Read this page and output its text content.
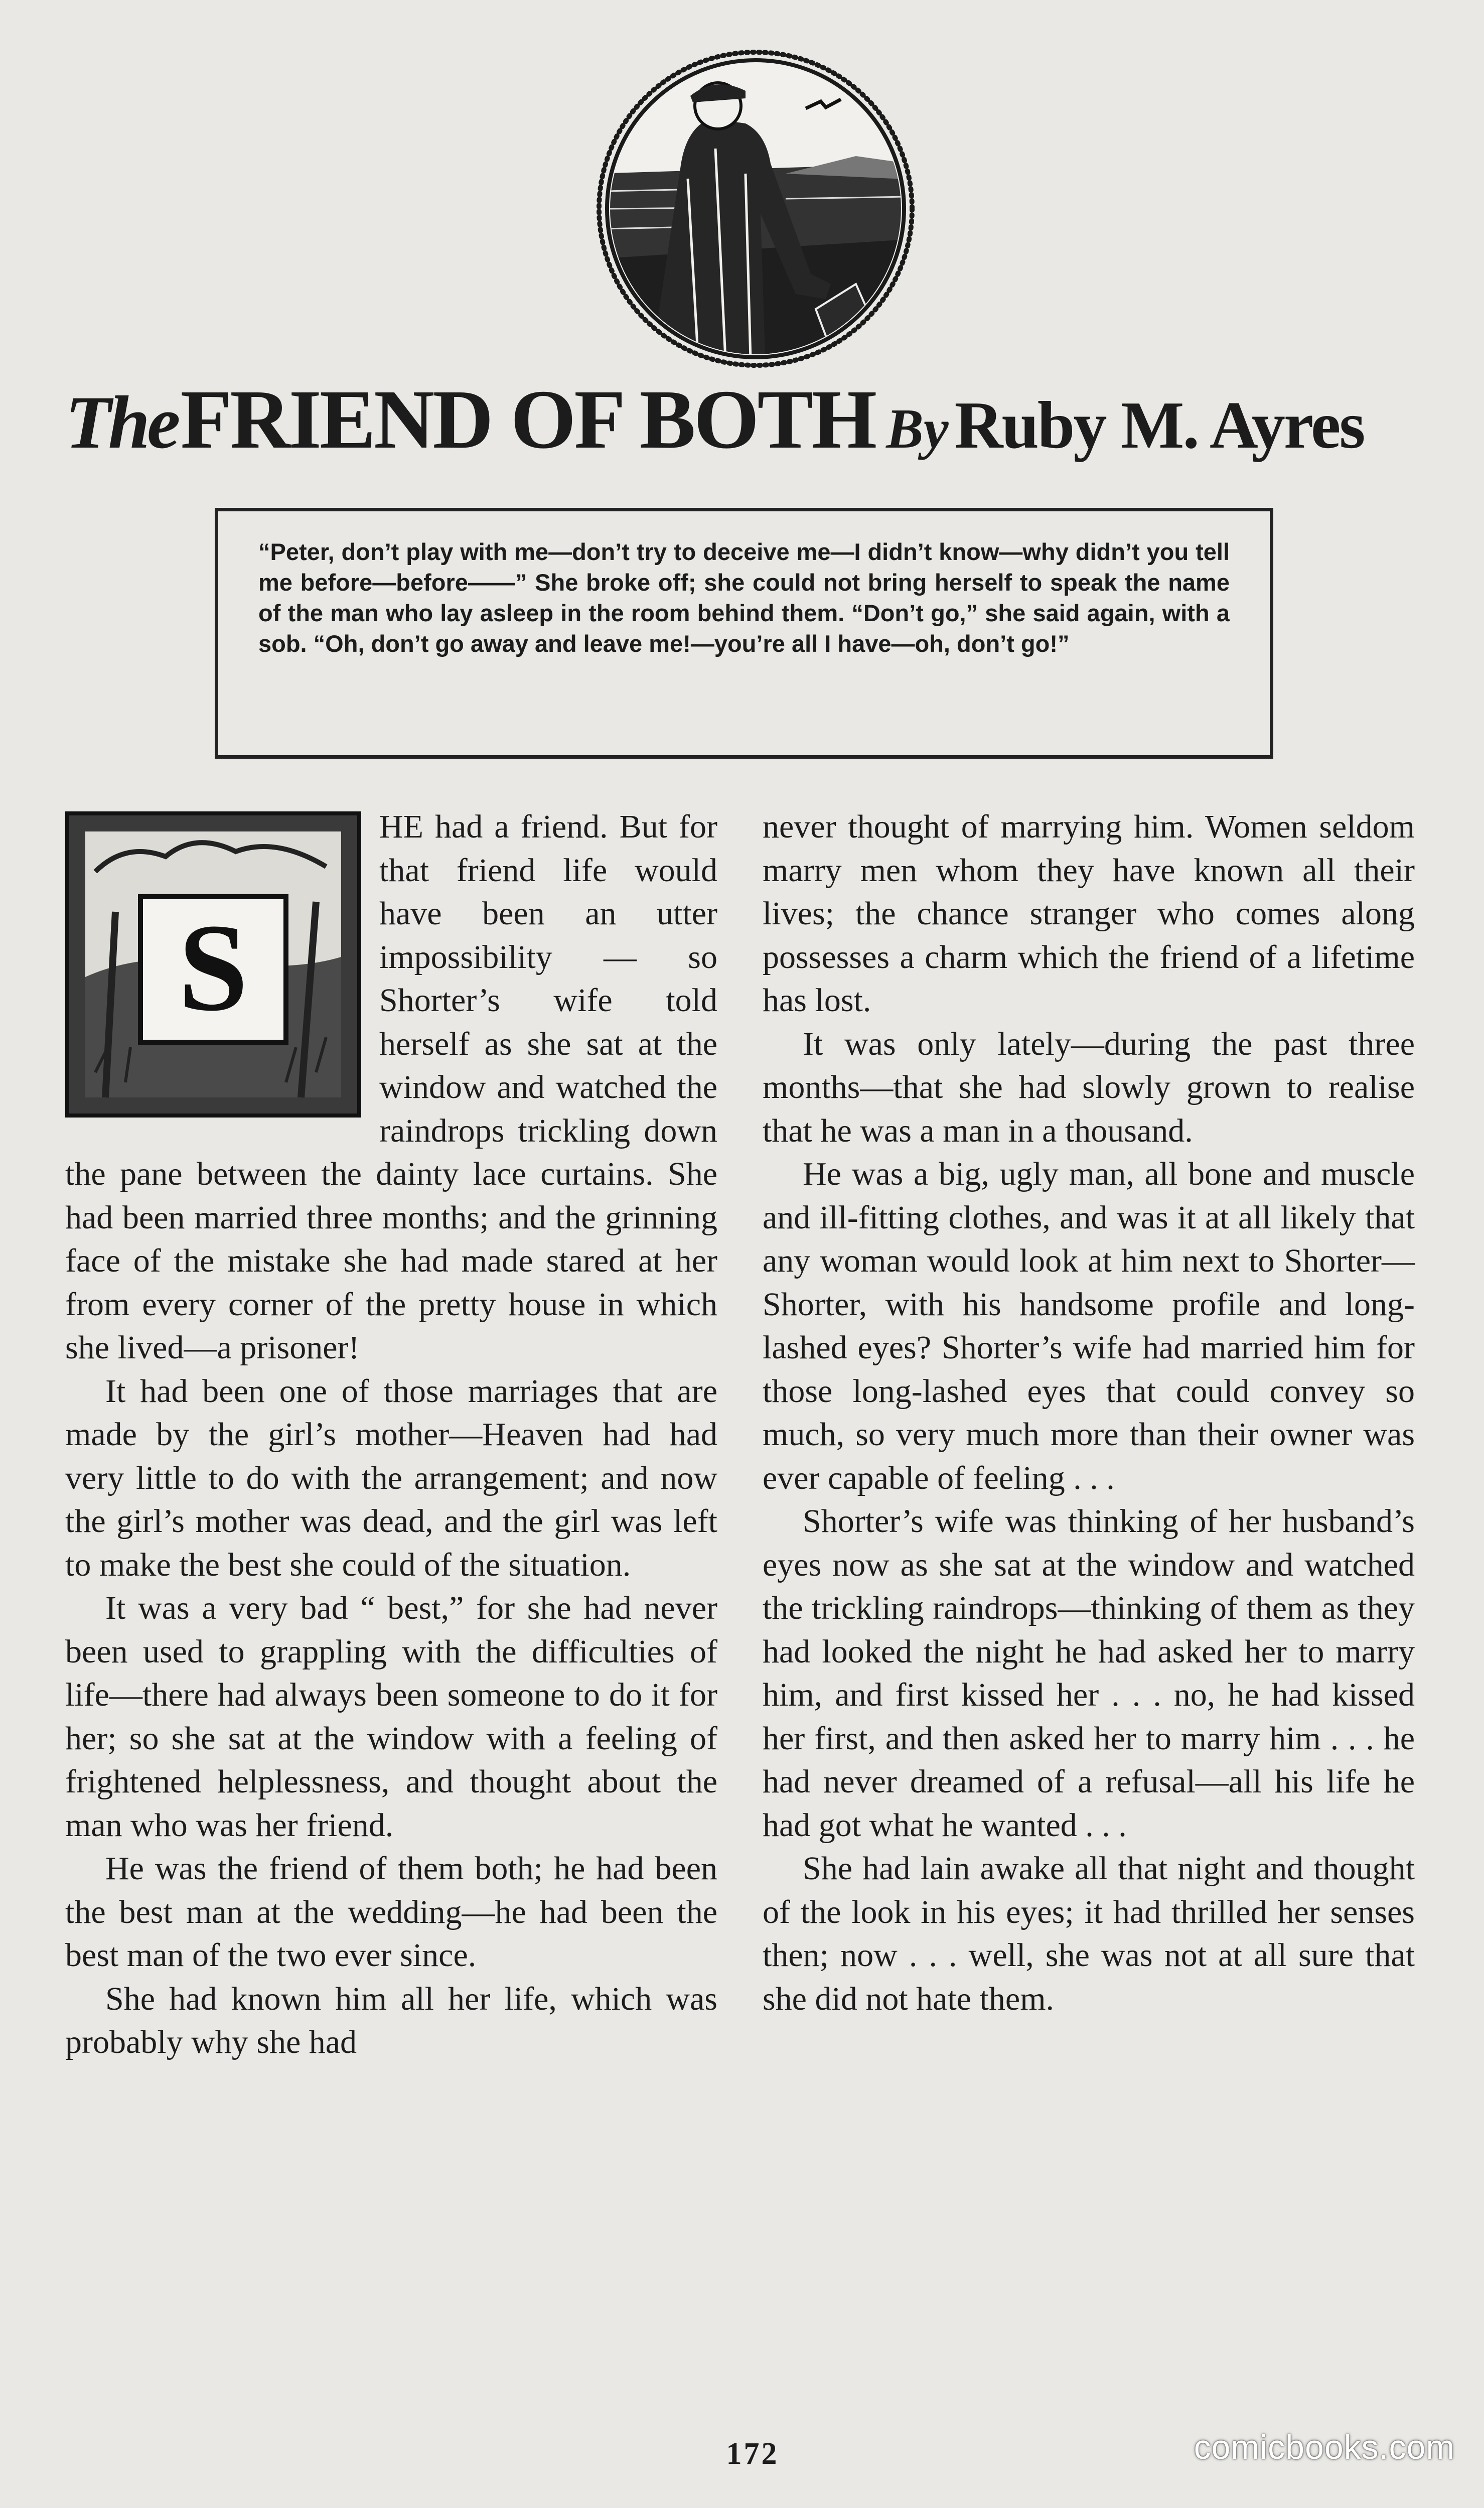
TheFRIEND OF BOTH ByRuby M. Ayres

“Peter, don’t play with me—don’t try to deceive me—I didn’t know—why didn’t you tell me before—before——” She broke off; she could not bring herself to speak the name of the man who lay asleep in the room behind them. “Don’t go,” she said again, with a sob. “Oh, don’t go away and leave me!—you’re all I have—oh, don’t go!”

S

HE had a friend. But for that friend life would have been an utter impossibility — so Shorter’s wife told herself as she sat at the window and watched the raindrops trickling down the pane between the dainty lace curtains. She had been married three months; and the grinning face of the mistake she had made stared at her from every corner of the pretty house in which she lived—a prisoner!

It had been one of those marriages that are made by the girl’s mother—Heaven had had very little to do with the arrangement; and now the girl’s mother was dead, and the girl was left to make the best she could of the situation.

It was a very bad “ best,” for she had never been used to grappling with the difficulties of life—there had always been someone to do it for her; so she sat at the window with a feeling of frightened helplessness, and thought about the man who was her friend.

He was the friend of them both; he had been the best man at the wedding—he had been the best man of the two ever since.

She had known him all her life, which was probably why she had

never thought of marrying him. Women seldom marry men whom they have known all their lives; the chance stranger who comes along possesses a charm which the friend of a lifetime has lost.

It was only lately—during the past three months—that she had slowly grown to realise that he was a man in a thousand.

He was a big, ugly man, all bone and muscle and ill-fitting clothes, and was it at all likely that any woman would look at him next to Shorter—Shorter, with his handsome profile and long-lashed eyes? Shorter’s wife had married him for those long-lashed eyes that could convey so much, so very much more than their owner was ever capable of feeling . . .

Shorter’s wife was thinking of her husband’s eyes now as she sat at the window and watched the trickling raindrops—thinking of them as they had looked the night he had asked her to marry him, and first kissed her . . . no, he had kissed her first, and then asked her to marry him . . . he had never dreamed of a refusal—all his life he had got what he wanted . . .

She had lain awake all that night and thought of the look in his eyes; it had thrilled her senses then; now . . . well, she was not at all sure that she did not hate them.

172	comicbooks.com
